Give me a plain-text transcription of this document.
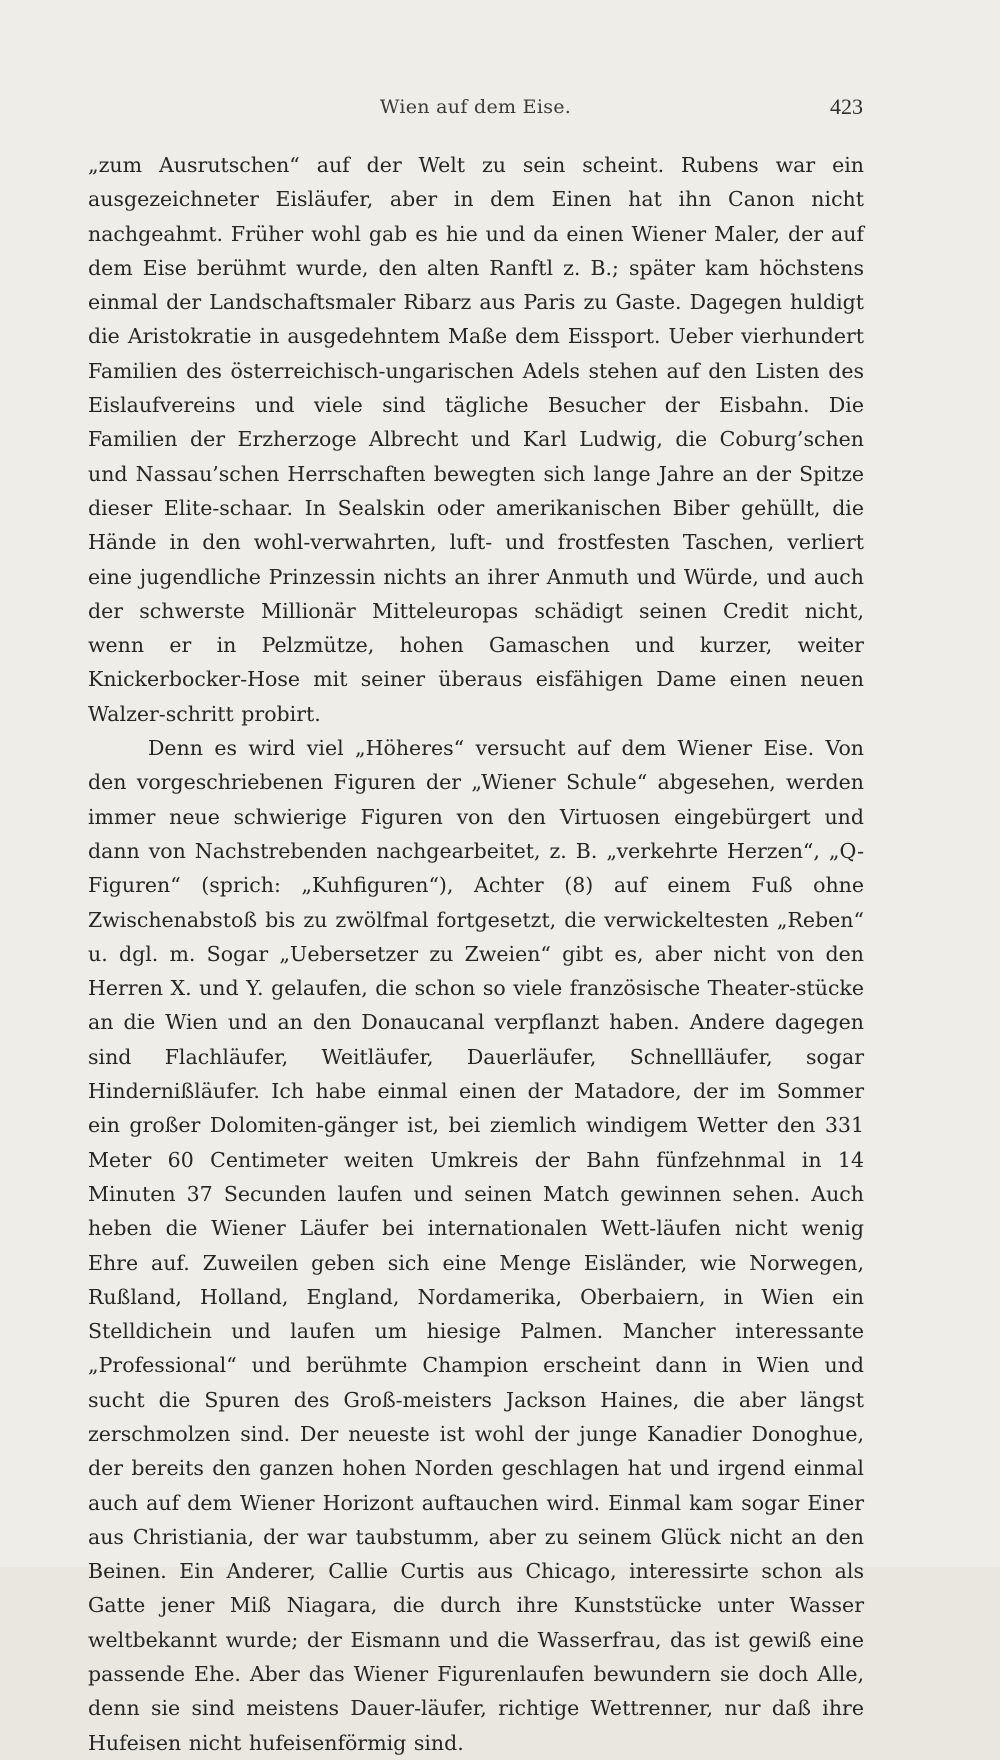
Wien auf dem Eise.	423

„zum Ausrutschen“ auf der Welt zu sein scheint. Rubens war ein ausgezeichneter Eisläufer, aber in dem Einen hat ihn Canon nicht nachgeahmt. Früher wohl gab es hie und da einen Wiener Maler, der auf dem Eise berühmt wurde, den alten Ranftl z. B.; später kam höchstens einmal der Landschaftsmaler Ribarz aus Paris zu Gaste. Dagegen huldigt die Aristokratie in ausgedehntem Maße dem Eissport. Ueber vierhundert Familien des österreichisch-ungarischen Adels stehen auf den Listen des Eislaufvereins und viele sind tägliche Besucher der Eisbahn. Die Familien der Erzherzoge Albrecht und Karl Ludwig, die Coburg’schen und Nassau’schen Herrschaften bewegten sich lange Jahre an der Spitze dieser Elite-schaar. In Sealskin oder amerikanischen Biber gehüllt, die Hände in den wohl-verwahrten, luft- und frostfesten Taschen, verliert eine jugendliche Prinzessin nichts an ihrer Anmuth und Würde, und auch der schwerste Millionär Mitteleuropas schädigt seinen Credit nicht, wenn er in Pelzmütze, hohen Gamaschen und kurzer, weiter Knickerbocker-Hose mit seiner überaus eisfähigen Dame einen neuen Walzer-schritt probirt.

Denn es wird viel „Höheres“ versucht auf dem Wiener Eise. Von den vorgeschriebenen Figuren der „Wiener Schule“ abgesehen, werden immer neue schwierige Figuren von den Virtuosen eingebürgert und dann von Nachstrebenden nachgearbeitet, z. B. „verkehrte Herzen“, „Q-Figuren“ (sprich: „Kuhfiguren“), Achter (8) auf einem Fuß ohne Zwischenabstoß bis zu zwölfmal fortgesetzt, die verwickeltesten „Reben“ u. dgl. m. Sogar „Uebersetzer zu Zweien“ gibt es, aber nicht von den Herren X. und Y. gelaufen, die schon so viele französische Theater-stücke an die Wien und an den Donaucanal verpflanzt haben. Andere dagegen sind Flachläufer, Weitläufer, Dauerläufer, Schnellläufer, sogar Hindernißläufer. Ich habe einmal einen der Matadore, der im Sommer ein großer Dolomiten-gänger ist, bei ziemlich windigem Wetter den 331 Meter 60 Centimeter weiten Umkreis der Bahn fünfzehnmal in 14 Minuten 37 Secunden laufen und seinen Match gewinnen sehen. Auch heben die Wiener Läufer bei internationalen Wett-läufen nicht wenig Ehre auf. Zuweilen geben sich eine Menge Eisländer, wie Norwegen, Rußland, Holland, England, Nordamerika, Oberbaiern, in Wien ein Stelldichein und laufen um hiesige Palmen. Mancher interessante „Professional“ und berühmte Champion erscheint dann in Wien und sucht die Spuren des Groß-meisters Jackson Haines, die aber längst zerschmolzen sind. Der neueste ist wohl der junge Kanadier Donoghue, der bereits den ganzen hohen Norden geschlagen hat und irgend einmal auch auf dem Wiener Horizont auftauchen wird. Einmal kam sogar Einer aus Christiania, der war taubstumm, aber zu seinem Glück nicht an den Beinen. Ein Anderer, Callie Curtis aus Chicago, interessirte schon als Gatte jener Miß Niagara, die durch ihre Kunststücke unter Wasser weltbekannt wurde; der Eismann und die Wasserfrau, das ist gewiß eine passende Ehe. Aber das Wiener Figurenlaufen bewundern sie doch Alle, denn sie sind meistens Dauer-läufer, richtige Wettrenner, nur daß ihre Hufeisen nicht hufeisenförmig sind.
